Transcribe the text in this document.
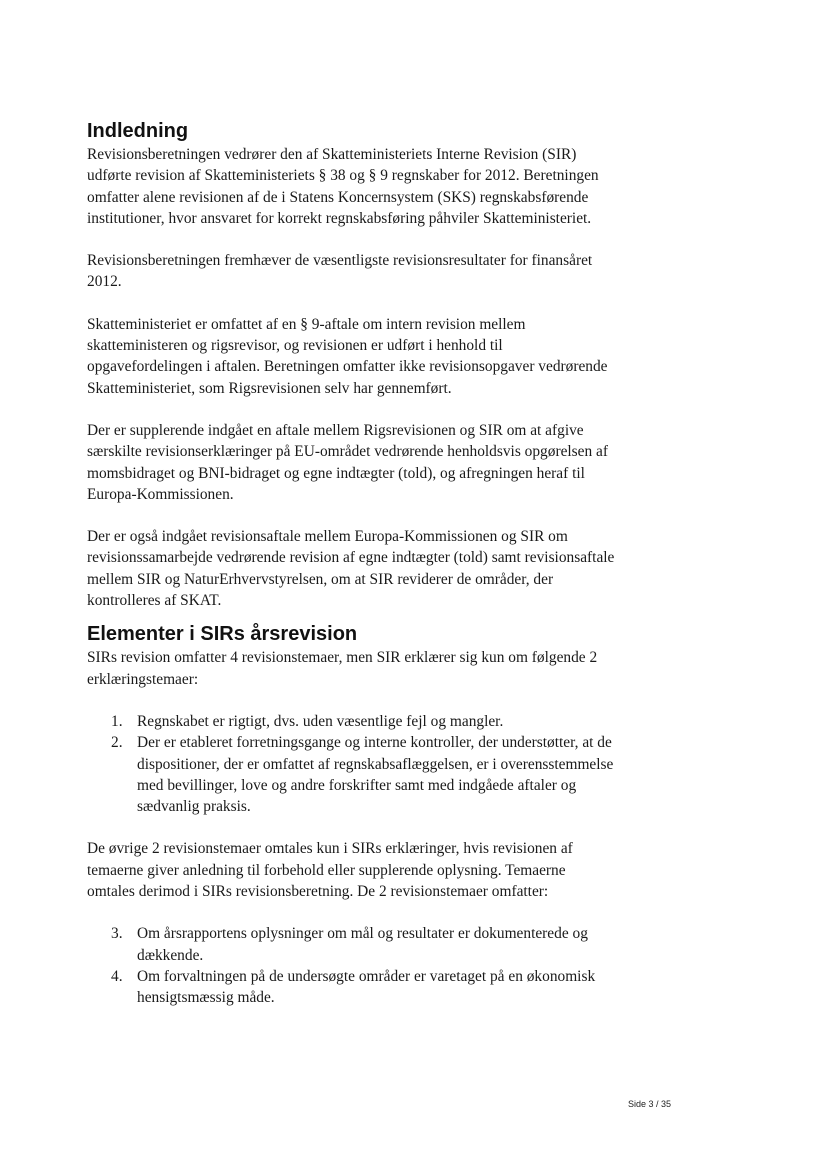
Indledning

Revisionsberetningen vedrører den af Skatteministeriets Interne Revision (SIR) udførte revision af Skatteministeriets § 38 og § 9 regnskaber for 2012. Beretningen omfatter alene revisionen af de i Statens Koncernsystem (SKS) regnskabsførende institutioner, hvor ansvaret for korrekt regnskabsføring påhviler Skatteministeriet.

Revisionsberetningen fremhæver de væsentligste revisionsresultater for finansåret 2012.

Skatteministeriet er omfattet af en § 9-aftale om intern revision mellem skatteministeren og rigsrevisor, og revisionen er udført i henhold til opgavefordelingen i aftalen. Beretningen omfatter ikke revisionsopgaver vedrørende Skatteministeriet, som Rigsrevisionen selv har gennemført.

Der er supplerende indgået en aftale mellem Rigsrevisionen og SIR om at afgive særskilte revisionserklæringer på EU-området vedrørende henholdsvis opgørelsen af momsbidraget og BNI-bidraget og egne indtægter (told), og afregningen heraf til Europa-Kommissionen.

Der er også indgået revisionsaftale mellem Europa-Kommissionen og SIR om revisionssamarbejde vedrørende revision af egne indtægter (told) samt revisionsaftale mellem SIR og NaturErhvervstyrelsen, om at SIR reviderer de områder, der kontrolleres af SKAT.

Elementer i SIRs årsrevision

SIRs revision omfatter 4 revisionstemaer, men SIR erklærer sig kun om følgende 2 erklæringstemaer:

1. Regnskabet er rigtigt, dvs. uden væsentlige fejl og mangler.
2. Der er etableret forretningsgange og interne kontroller, der understøtter, at de dispositioner, der er omfattet af regnskabsaflæggelsen, er i overensstemmelse med bevillinger, love og andre forskrifter samt med indgåede aftaler og sædvanlig praksis.

De øvrige 2 revisionstemaer omtales kun i SIRs erklæringer, hvis revisionen af temaerne giver anledning til forbehold eller supplerende oplysning. Temaerne omtales derimod i SIRs revisionsberetning. De 2 revisionstemaer omfatter:

3. Om årsrapportens oplysninger om mål og resultater er dokumenterede og dækkende.
4. Om forvaltningen på de undersøgte områder er varetaget på en økonomisk hensigtsmæssig måde.
Side 3 / 35
